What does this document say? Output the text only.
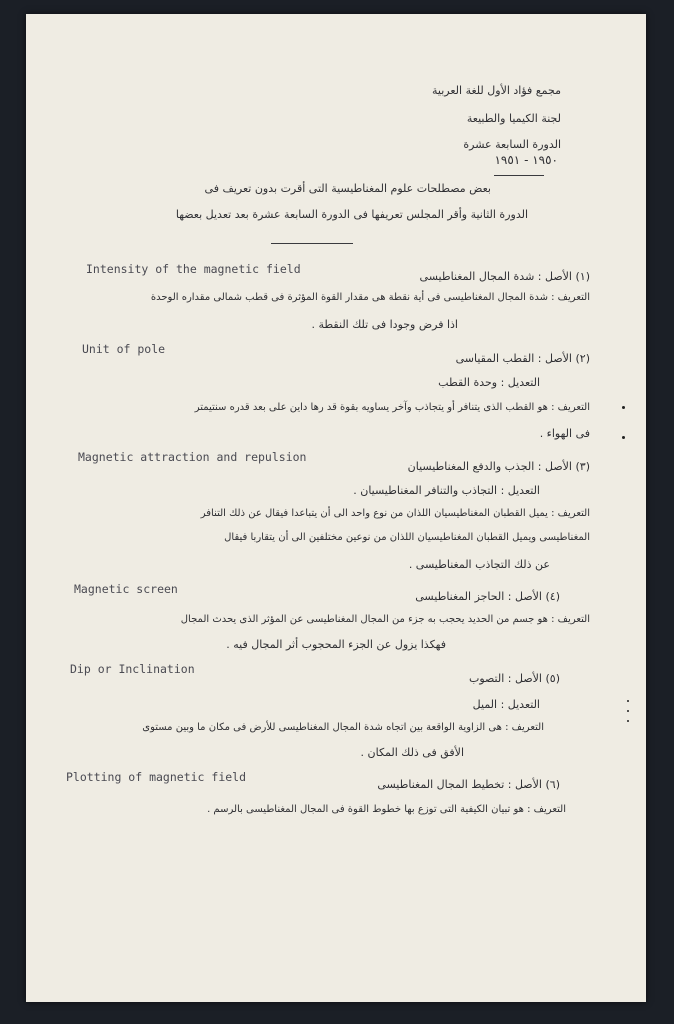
مجمع فؤاد الأول للغة العربية
لجنة الكيميا والطبيعة
الدورة السابعة عشرة
١٩٥٠ - ١٩٥١
بعض مصطلحات علوم المغناطيسية التى أقرت بدون تعريف فى
الدورة الثانية وأقر المجلس تعريفها فى الدورة السابعة عشرة بعد تعديل بعضها
Intensity of the magnetic field
(١) الأصل : شدة المجال المغناطيسى
التعريف : شدة المجال المغناطيسى فى أية نقطة هى مقدار القوة المؤثرة فى قطب شمالى مقداره الوحدة
اذا فرض وجودا فى تلك النقطة .
Unit of pole
(٢) الأصل : القطب المقياسى
التعديل : وحدة القطب
التعريف : هو القطب الذى يتنافر أو يتجاذب وآخر يساويه بقوة قد رها داين على بعد قدره سنتيمتر
فى الهواء .
Magnetic attraction and repulsion
(٣) الأصل : الجذب والدفع المغناطيسيان
التعديل : التجاذب والتنافر المغناطيسيان .
التعريف : يميل القطبان المغناطيسيان اللذان من نوع واحد الى أن يتباعدا فيقال عن ذلك التنافر
المغناطيسى ويميل القطبان المغناطيسيان اللذان من نوعين مختلفين الى أن يتقاربا فيقال
عن ذلك التجاذب المغناطيسى .
Magnetic screen
(٤) الأصل : الحاجز المغناطيسى
التعريف : هو جسم من الحديد يحجب به جزء من المجال المغناطيسى عن المؤثر الذى يحدث المجال
فهكذا يزول عن الجزء المحجوب أثر المجال فيه .
Dip or Inclination
(٥) الأصل : التصوب
التعديل : الميل
التعريف : هى الزاوية الواقعة بين اتجاه شدة المجال المغناطيسى للأرض فى مكان ما وبين مستوى
الأفق فى ذلك المكان .
Plotting of magnetic field
(٦) الأصل : تخطيط المجال المغناطيسى
التعريف : هو تبيان الكيفية التى توزع بها خطوط القوة فى المجال المغناطيسى بالرسم .
